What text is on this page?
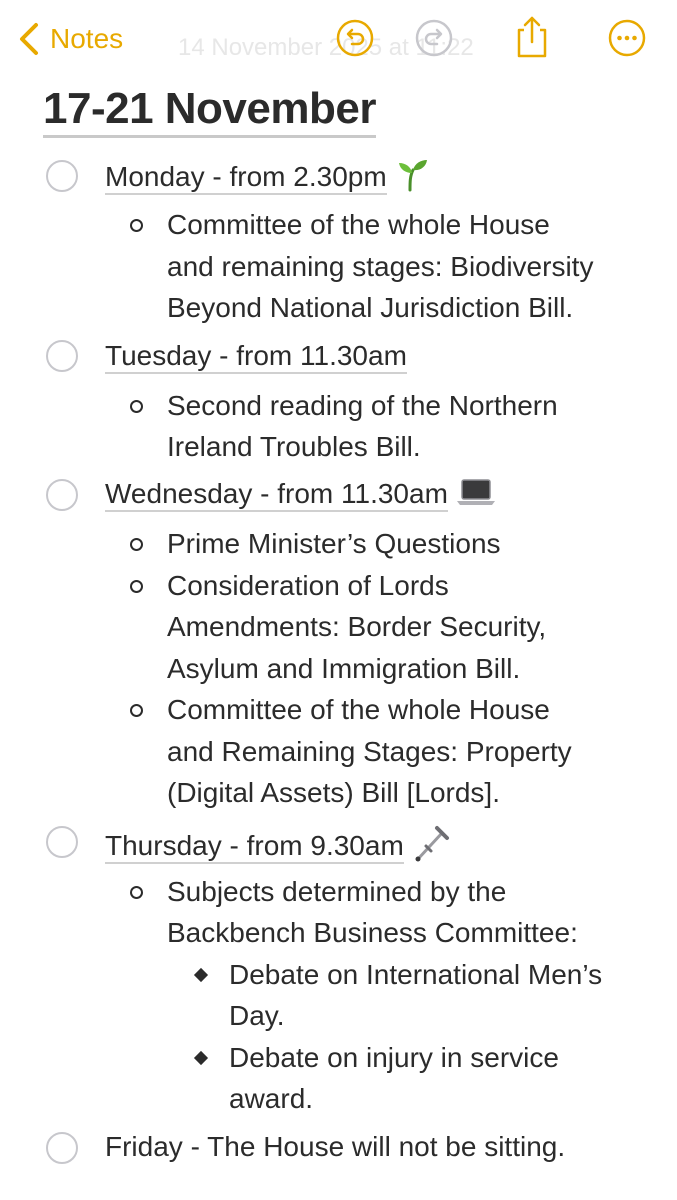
14 November 2025 at 11:22
Notes
17-21 November
Monday - from 2.30pm
Committee of the whole House
and remaining stages: Biodiversity
Beyond National Jurisdiction Bill.
Tuesday - from 11.30am
Second reading of the Northern
Ireland Troubles Bill.
Wednesday - from 11.30am
Prime Minister’s Questions
Consideration of Lords
Amendments: Border Security,
Asylum and Immigration Bill.
Committee of the whole House
and Remaining Stages: Property
(Digital Assets) Bill [Lords].
Thursday - from 9.30am
Subjects determined by the
Backbench Business Committee:
Debate on International Men’s
Day.
Debate on injury in service
award.
Friday - The House will not be sitting.
